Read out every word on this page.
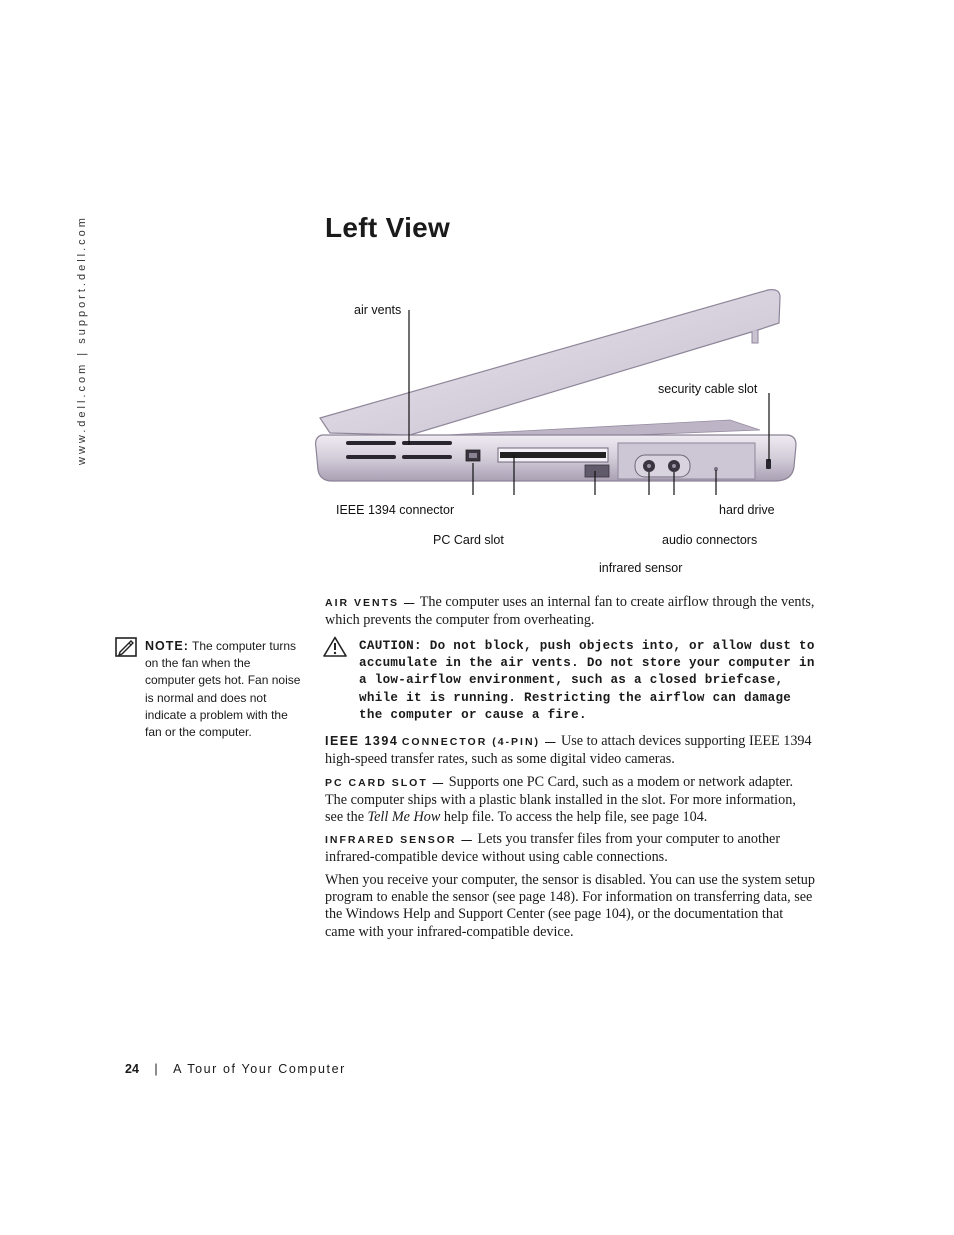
www.dell.com | support.dell.com	Left View
air vents
security cable slot
IEEE 1394 connector	hard drive
PC Card slot	audio connectors
infrared sensor

AIR VENTS — The computer uses an internal fan to create airflow through the vents, which prevents the computer from overheating.

NOTE: The computer turns on the fan when the computer gets hot. Fan noise is normal and does not indicate a problem with the fan or the computer.
CAUTION: Do not block, push objects into, or allow dust to accumulate in the air vents. Do not store your computer in a low-airflow environment, such as a closed briefcase, while it is running. Restricting the airflow can damage the computer or cause a fire.

IEEE 1394 CONNECTOR (4-PIN) — Use to attach devices supporting IEEE 1394 high-speed transfer rates, such as some digital video cameras.

PC CARD SLOT — Supports one PC Card, such as a modem or network adapter. The computer ships with a plastic blank installed in the slot. For more information, see the Tell Me How help file. To access the help file, see page 104.

INFRARED SENSOR — Lets you transfer files from your computer to another infrared-compatible device without using cable connections.

When you receive your computer, the sensor is disabled. You can use the system setup program to enable the sensor (see page 148). For information on transferring data, see the Windows Help and Support Center (see page 104), or the documentation that came with your infrared-compatible device.

24 | A Tour of Your Computer
